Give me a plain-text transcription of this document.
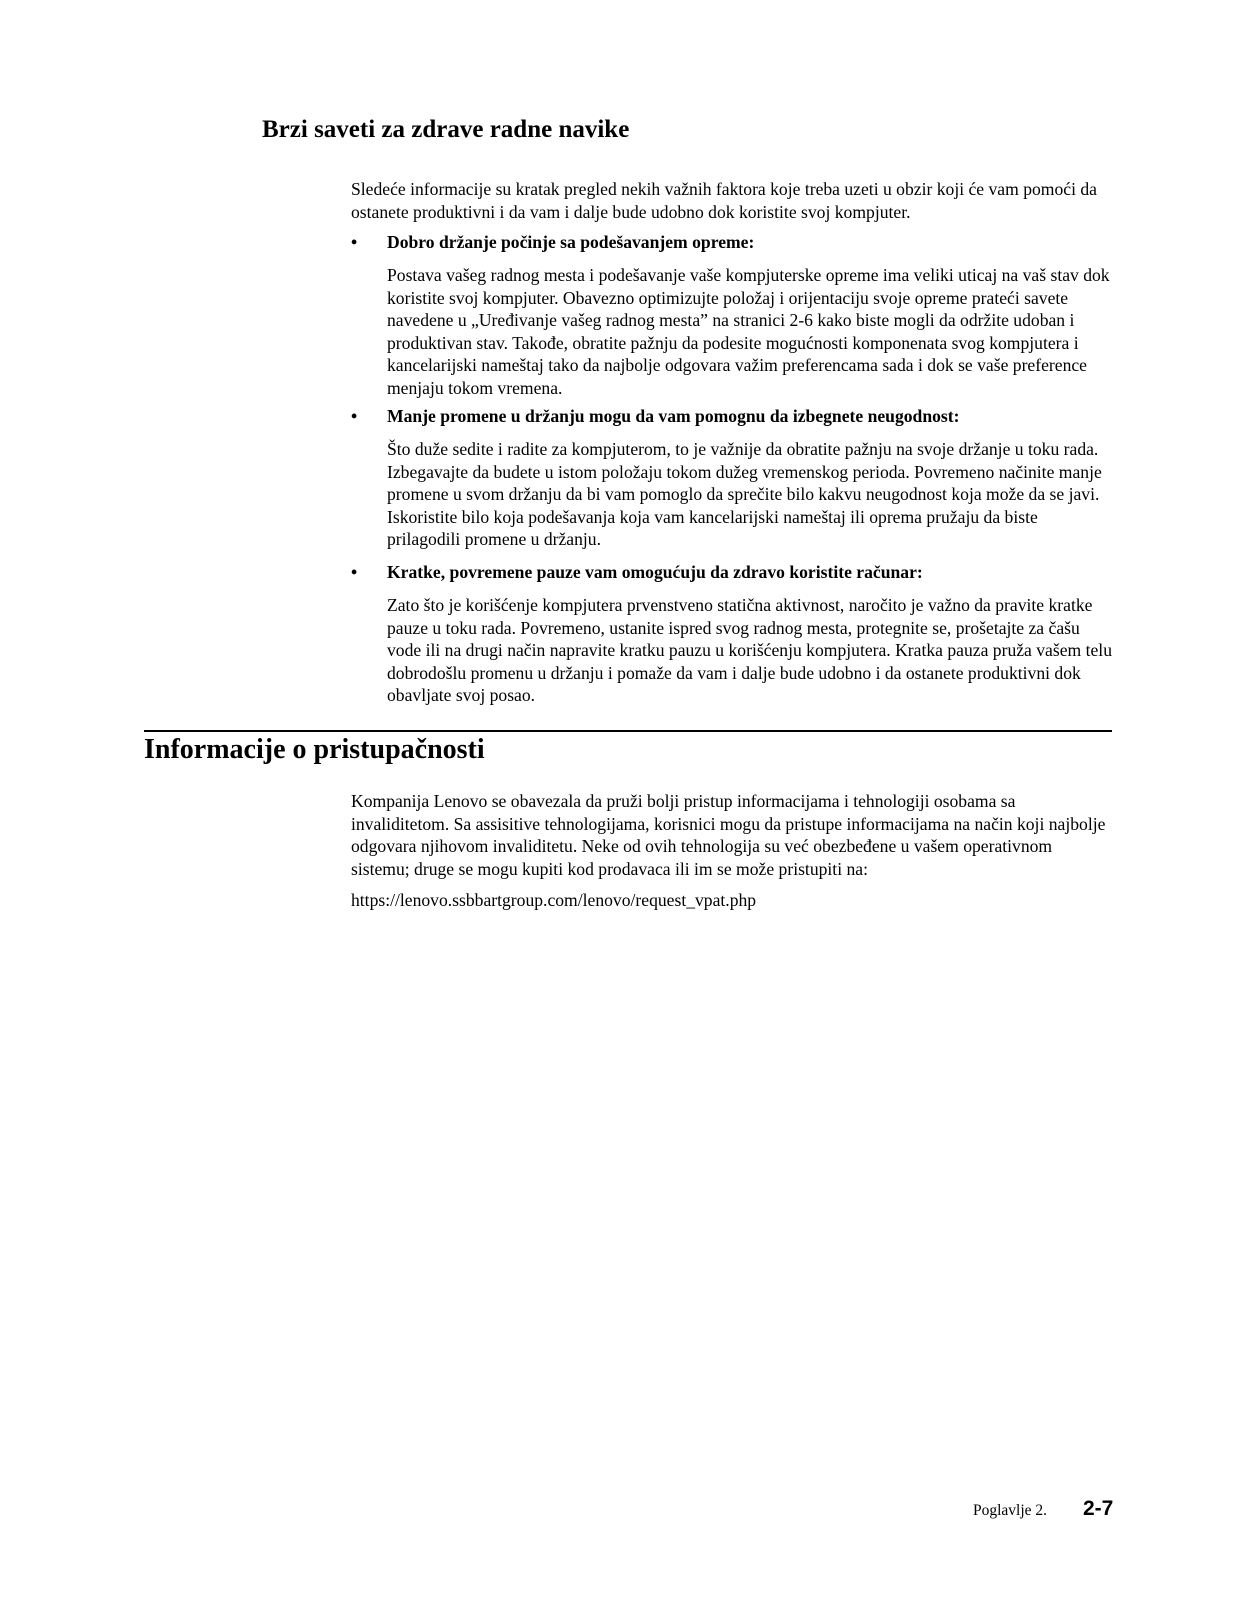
Brzi saveti za zdrave radne navike

Sledeće informacije su kratak pregled nekih važnih faktora koje treba uzeti u obzir koji će vam pomoći da ostanete produktivni i da vam i dalje bude udobno dok koristite svoj kompjuter.

• Dobro držanje počinje sa podešavanjem opreme:

Postava vašeg radnog mesta i podešavanje vaše kompjuterske opreme ima veliki uticaj na vaš stav dok koristite svoj kompjuter. Obavezno optimizujte položaj i orijentaciju svoje opreme prateći savete navedene u „Uređivanje vašeg radnog mesta” na stranici 2-6 kako biste mogli da održite udoban i produktivan stav. Takođe, obratite pažnju da podesite mogućnosti komponenata svog kompjutera i kancelarijski nameštaj tako da najbolje odgovara važim preferencama sada i dok se vaše preference menjaju tokom vremena.

• Manje promene u držanju mogu da vam pomognu da izbegnete neugodnost:

Što duže sedite i radite za kompjuterom, to je važnije da obratite pažnju na svoje držanje u toku rada. Izbegavajte da budete u istom položaju tokom dužeg vremenskog perioda. Povremeno načinite manje promene u svom držanju da bi vam pomoglo da sprečite bilo kakvu neugodnost koja može da se javi. Iskoristite bilo koja podešavanja koja vam kancelarijski nameštaj ili oprema pružaju da biste prilagodili promene u držanju.

• Kratke, povremene pauze vam omogućuju da zdravo koristite računar:

Zato što je korišćenje kompjutera prvenstveno statična aktivnost, naročito je važno da pravite kratke pauze u toku rada. Povremeno, ustanite ispred svog radnog mesta, protegnite se, prošetajte za čašu vode ili na drugi način napravite kratku pauzu u korišćenju kompjutera. Kratka pauza pruža vašem telu dobrodošlu promenu u držanju i pomaže da vam i dalje bude udobno i da ostanete produktivni dok obavljate svoj posao.

Informacije o pristupačnosti

Kompanija Lenovo se obavezala da pruži bolji pristup informacijama i tehnologiji osobama sa invaliditetom. Sa assisitive tehnologijama, korisnici mogu da pristupe informacijama na način koji najbolje odgovara njihovom invaliditetu. Neke od ovih tehnologija su već obezbeđene u vašem operativnom sistemu; druge se mogu kupiti kod prodavaca ili im se može pristupiti na:

https://lenovo.ssbbartgroup.com/lenovo/request_vpat.php

Poglavlje 2. 2-7
